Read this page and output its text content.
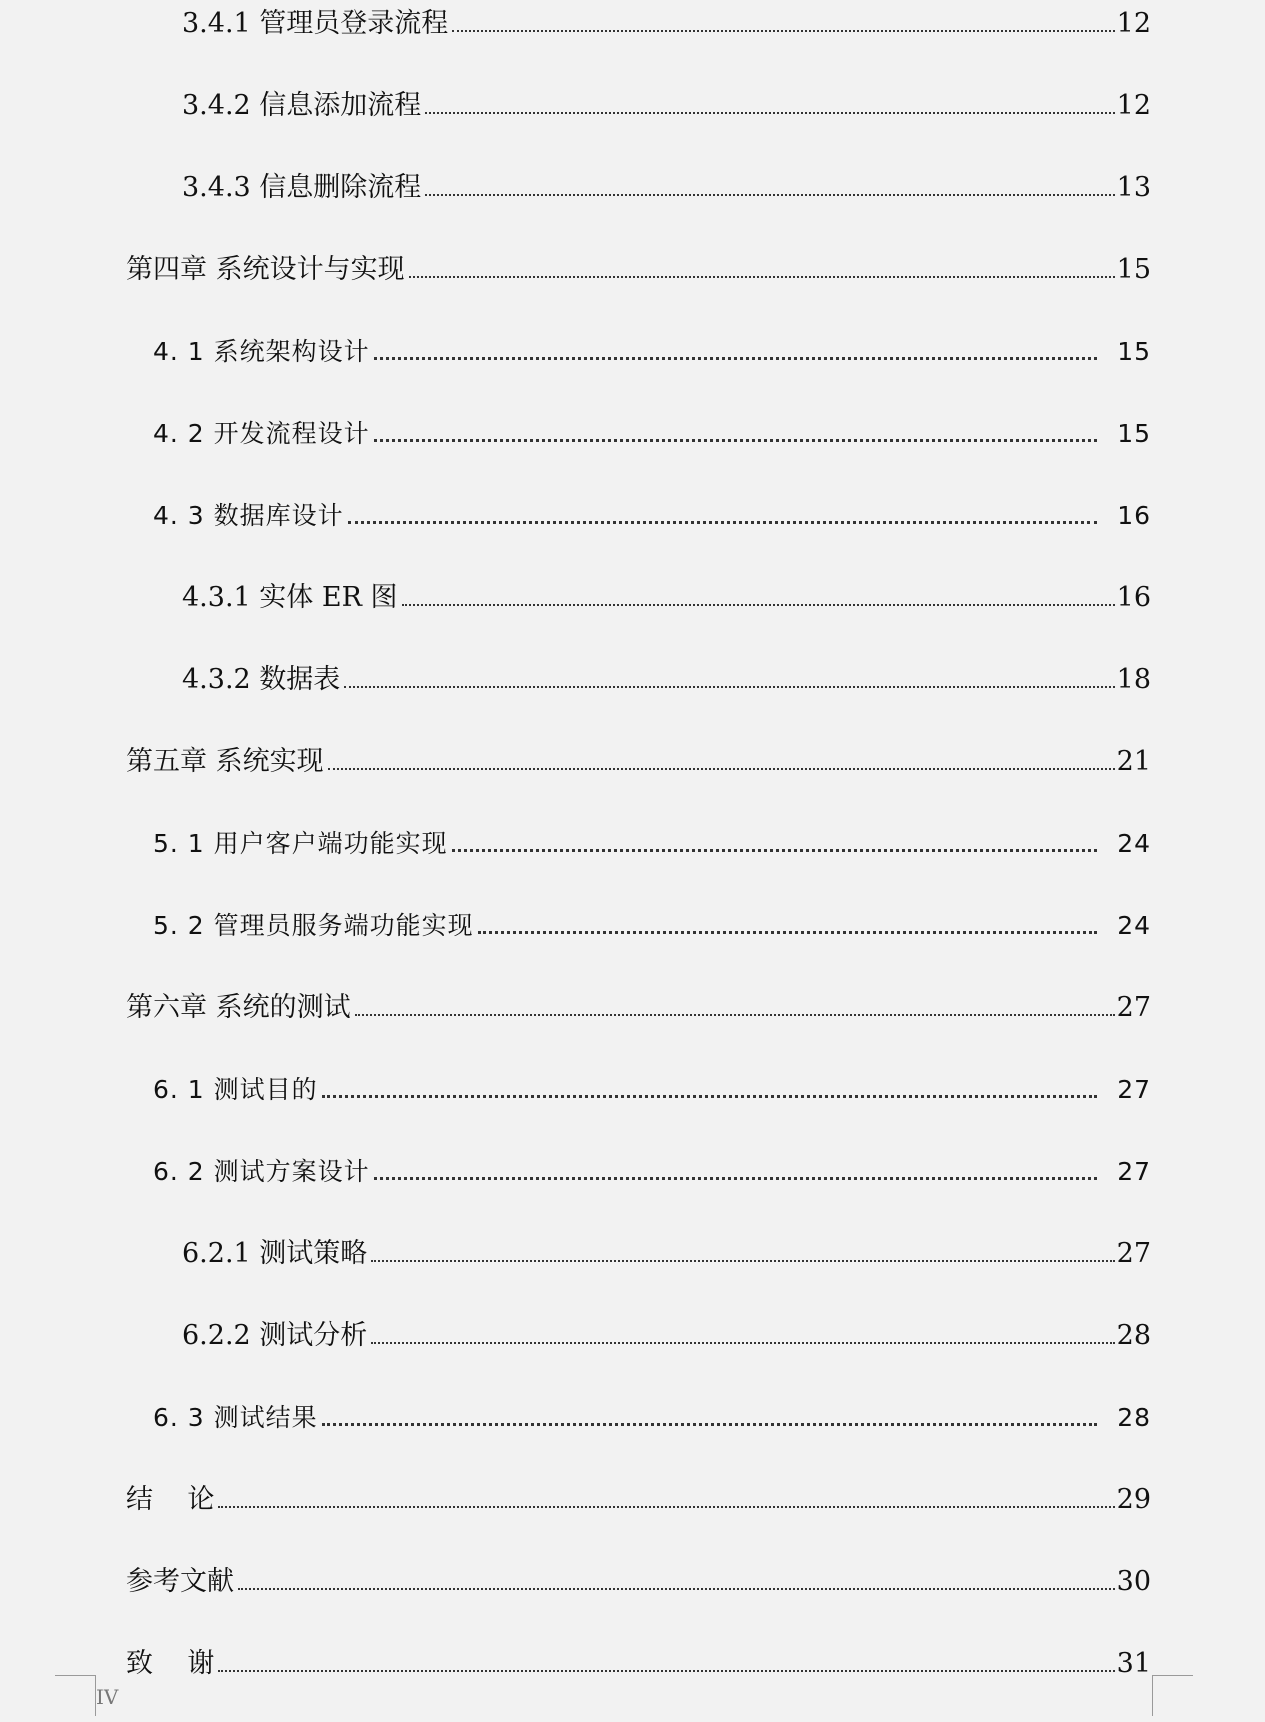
3.4.1 管理员登录流程	12
3.4.2 信息添加流程	12
3.4.3 信息删除流程	13
第四章 系统设计与实现	15
4. 1 系统架构设计	15
4. 2 开发流程设计	15
4. 3 数据库设计	16
4.3.1 实体 ER 图	16
4.3.2 数据表	18
第五章 系统实现	21
5. 1 用户客户端功能实现	24
5. 2 管理员服务端功能实现	24
第六章 系统的测试	27
6. 1 测试目的	27
6. 2 测试方案设计	27
6.2.1 测试策略	27
6.2.2 测试分析	28
6. 3 测试结果	28
结    论	29
参考文献	30
致    谢	31
IV
